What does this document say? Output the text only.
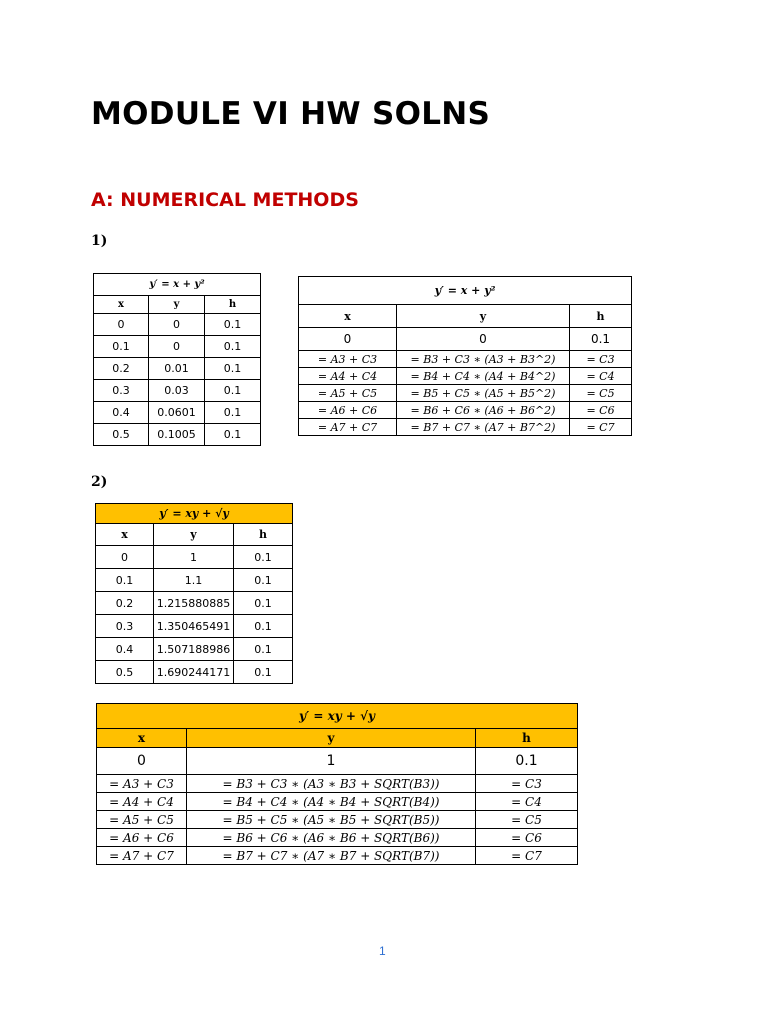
MODULE VI HW SOLNS
A: NUMERICAL METHODS
1)
y′ = x + y²		
x	y	h
0	0	0.1
0.1	0	0.1
0.2	0.01	0.1
0.3	0.03	0.1
0.4	0.0601	0.1
0.5	0.1005	0.1
y′ = x + y²		
x	y	h
0	0	0.1
= A3 + C3	= B3 + C3 ∗ (A3 + B3^2)	= C3
= A4 + C4	= B4 + C4 ∗ (A4 + B4^2)	= C4
= A5 + C5	= B5 + C5 ∗ (A5 + B5^2)	= C5
= A6 + C6	= B6 + C6 ∗ (A6 + B6^2)	= C6
= A7 + C7	= B7 + C7 ∗ (A7 + B7^2)	= C7
2)
y′ = xy + √y		
x	y	h
0	1	0.1
0.1	1.1	0.1
0.2	1.215880885	0.1
0.3	1.350465491	0.1
0.4	1.507188986	0.1
0.5	1.690244171	0.1
y′ = xy + √y		
x	y	h
0	1	0.1
= A3 + C3	= B3 + C3 ∗ (A3 ∗ B3 + SQRT(B3))	= C3
= A4 + C4	= B4 + C4 ∗ (A4 ∗ B4 + SQRT(B4))	= C4
= A5 + C5	= B5 + C5 ∗ (A5 ∗ B5 + SQRT(B5))	= C5
= A6 + C6	= B6 + C6 ∗ (A6 ∗ B6 + SQRT(B6))	= C6
= A7 + C7	= B7 + C7 ∗ (A7 ∗ B7 + SQRT(B7))	= C7
1
